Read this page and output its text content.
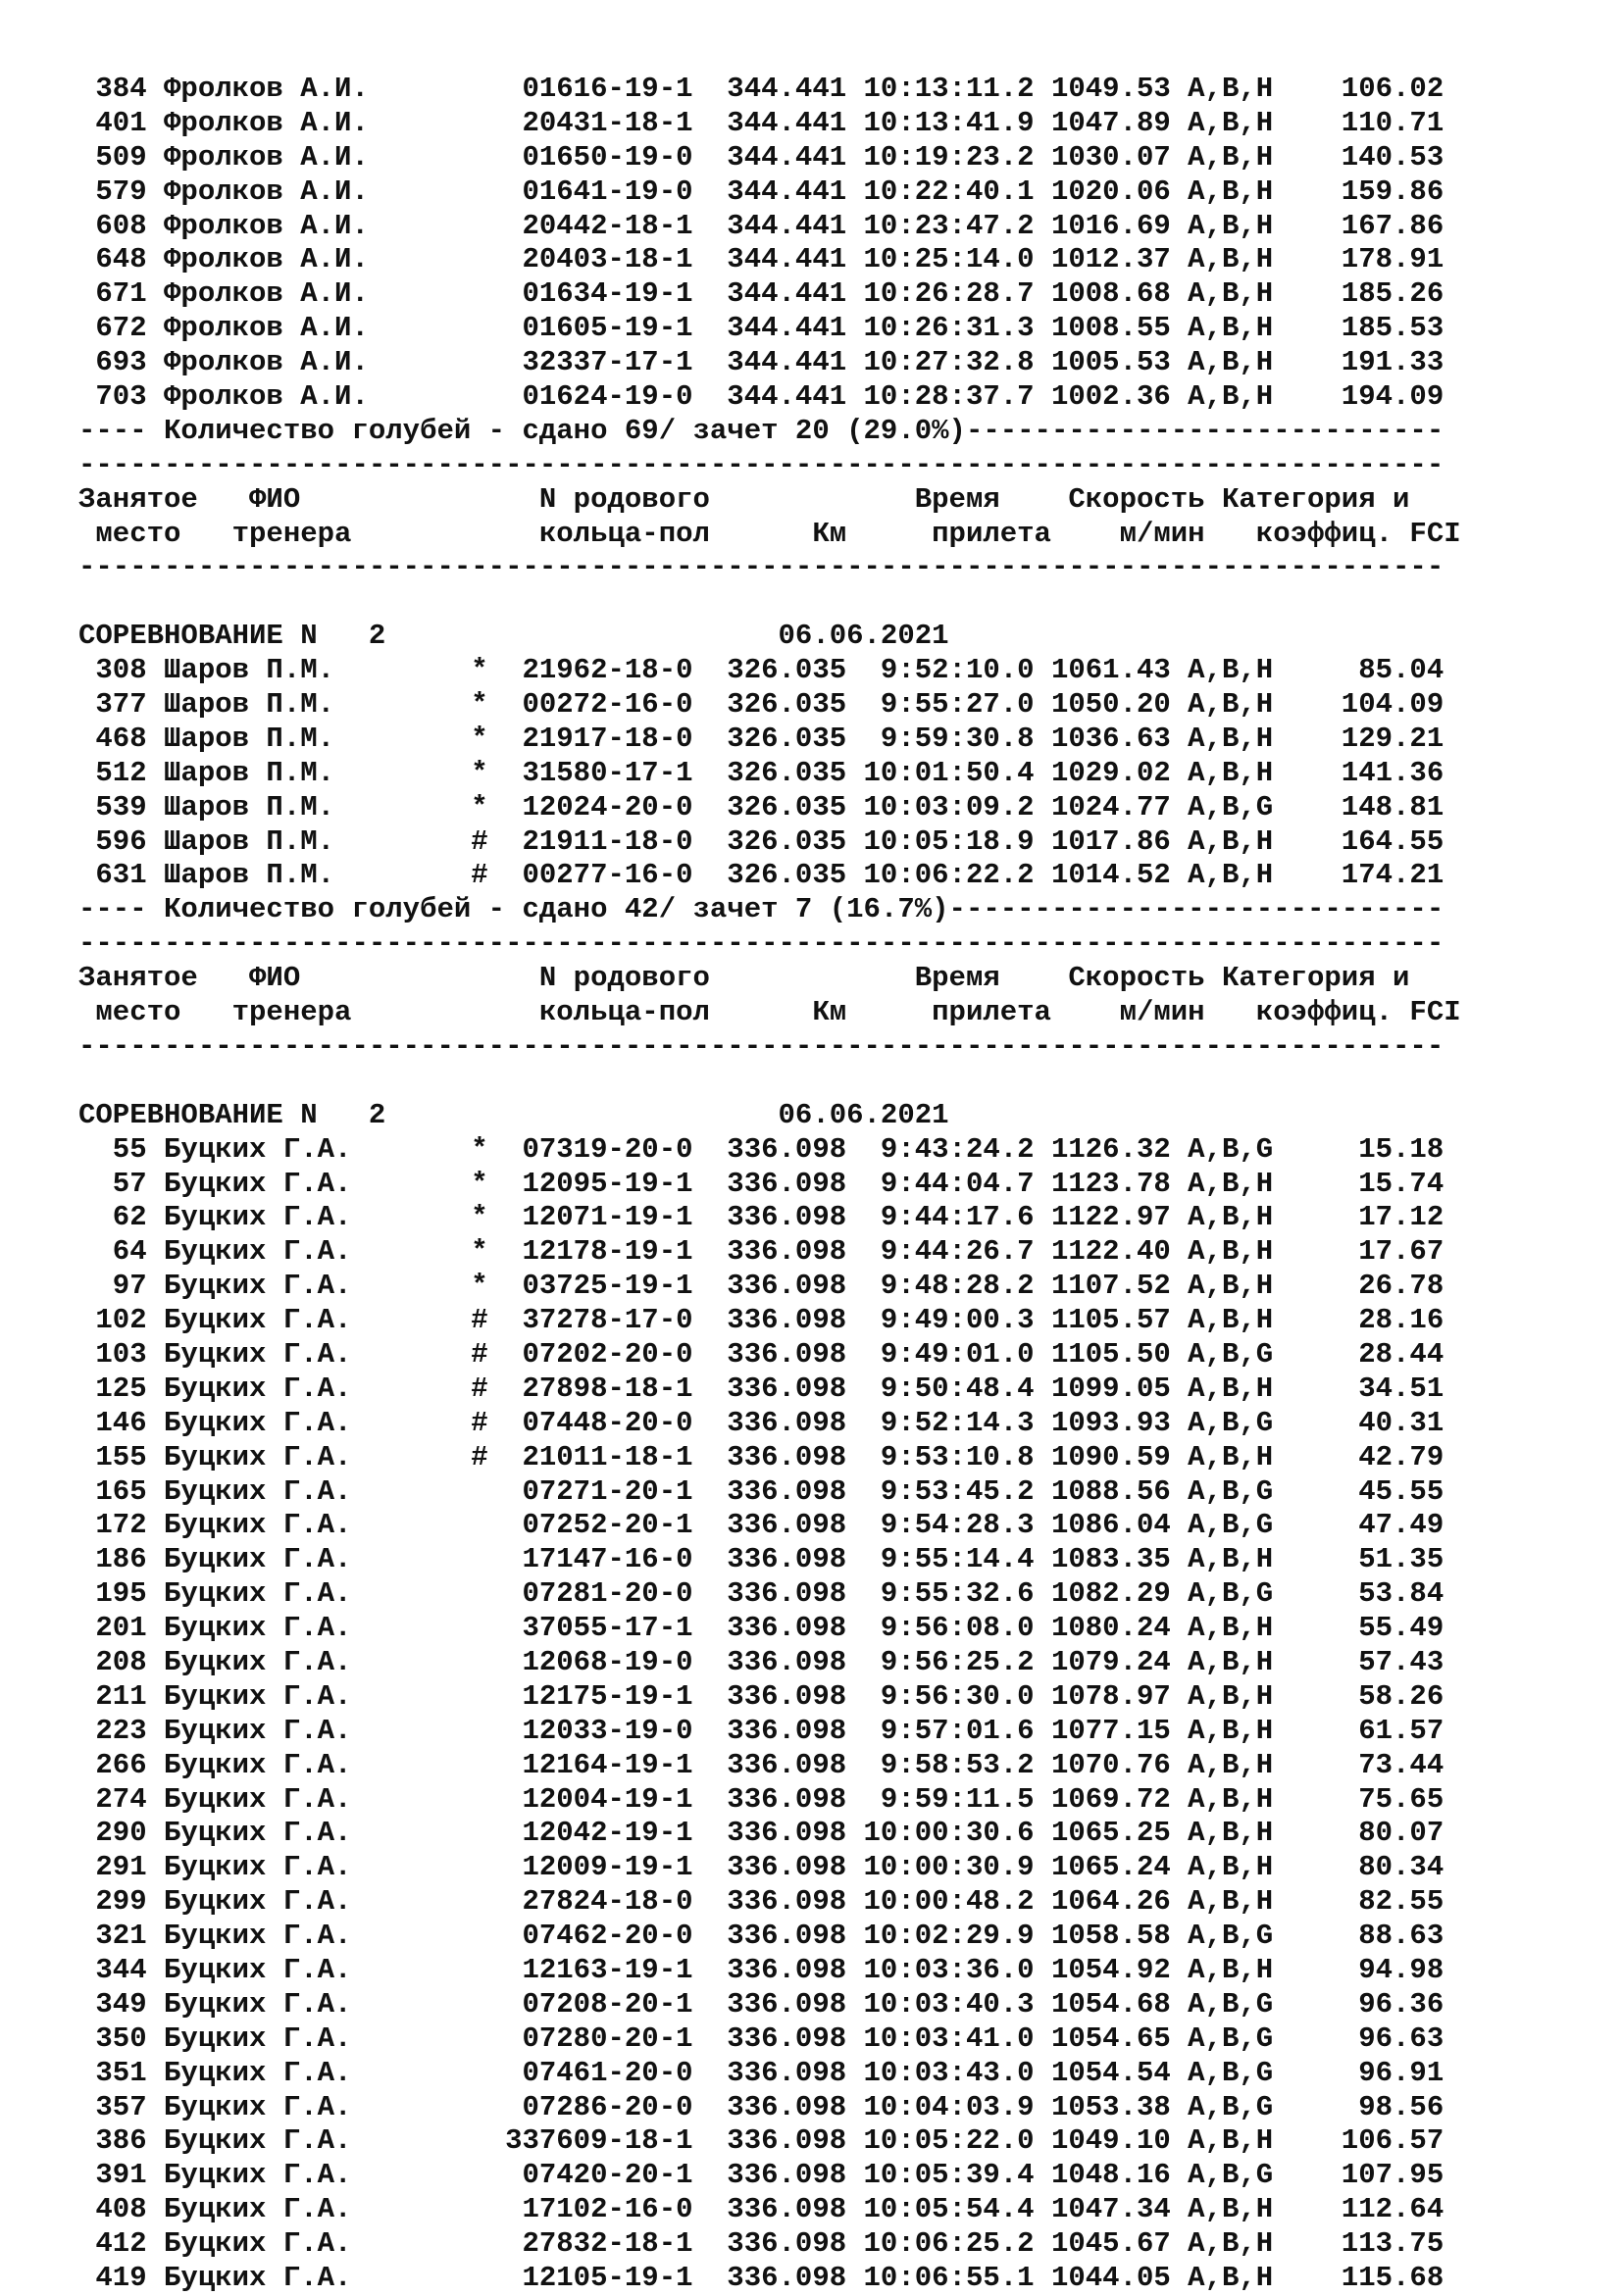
384 Фролков А.И.         01616-19-1  344.441 10:13:11.2 1049.53 A,B,H    106.02
401 Фролков А.И.         20431-18-1  344.441 10:13:41.9 1047.89 A,B,H    110.71
509 Фролков А.И.         01650-19-0  344.441 10:19:23.2 1030.07 A,B,H    140.53
579 Фролков А.И.         01641-19-0  344.441 10:22:40.1 1020.06 A,B,H    159.86
608 Фролков А.И.         20442-18-1  344.441 10:23:47.2 1016.69 A,B,H    167.86
648 Фролков А.И.         20403-18-1  344.441 10:25:14.0 1012.37 A,B,H    178.91
671 Фролков А.И.         01634-19-1  344.441 10:26:28.7 1008.68 A,B,H    185.26
672 Фролков А.И.         01605-19-1  344.441 10:26:31.3 1008.55 A,B,H    185.53
693 Фролков А.И.         32337-17-1  344.441 10:27:32.8 1005.53 A,B,H    191.33
703 Фролков А.И.         01624-19-0  344.441 10:28:37.7 1002.36 A,B,H    194.09
---- Количество голубей - сдано 69/ зачет 20 (29.0%)----------------------------
--------------------------------------------------------------------------------
Занятое   ФИО              N родового            Время    Скорость Категория и
место   тренера           кольца-пол      Км     прилета    м/мин   коэффиц. FCI
--------------------------------------------------------------------------------
СОРЕВНОВАНИЕ N   2                       06.06.2021
308 Шаров П.М.        *  21962-18-0  326.035  9:52:10.0 1061.43 A,B,H     85.04
377 Шаров П.М.        *  00272-16-0  326.035  9:55:27.0 1050.20 A,B,H    104.09
468 Шаров П.М.        *  21917-18-0  326.035  9:59:30.8 1036.63 A,B,H    129.21
512 Шаров П.М.        *  31580-17-1  326.035 10:01:50.4 1029.02 A,B,H    141.36
539 Шаров П.М.        *  12024-20-0  326.035 10:03:09.2 1024.77 A,B,G    148.81
596 Шаров П.М.        #  21911-18-0  326.035 10:05:18.9 1017.86 A,B,H    164.55
631 Шаров П.М.        #  00277-16-0  326.035 10:06:22.2 1014.52 A,B,H    174.21
---- Количество голубей - сдано 42/ зачет 7 (16.7%)-----------------------------
--------------------------------------------------------------------------------
Занятое   ФИО              N родового            Время    Скорость Категория и
место   тренера           кольца-пол      Км     прилета    м/мин   коэффиц. FCI
--------------------------------------------------------------------------------
СОРЕВНОВАНИЕ N   2                       06.06.2021
55 Буцких Г.А.       *  07319-20-0  336.098  9:43:24.2 1126.32 A,B,G     15.18
57 Буцких Г.А.       *  12095-19-1  336.098  9:44:04.7 1123.78 A,B,H     15.74
62 Буцких Г.А.       *  12071-19-1  336.098  9:44:17.6 1122.97 A,B,H     17.12
64 Буцких Г.А.       *  12178-19-1  336.098  9:44:26.7 1122.40 A,B,H     17.67
97 Буцких Г.А.       *  03725-19-1  336.098  9:48:28.2 1107.52 A,B,H     26.78
102 Буцких Г.А.       #  37278-17-0  336.098  9:49:00.3 1105.57 A,B,H     28.16
103 Буцких Г.А.       #  07202-20-0  336.098  9:49:01.0 1105.50 A,B,G     28.44
125 Буцких Г.А.       #  27898-18-1  336.098  9:50:48.4 1099.05 A,B,H     34.51
146 Буцких Г.А.       #  07448-20-0  336.098  9:52:14.3 1093.93 A,B,G     40.31
155 Буцких Г.А.       #  21011-18-1  336.098  9:53:10.8 1090.59 A,B,H     42.79
165 Буцких Г.А.          07271-20-1  336.098  9:53:45.2 1088.56 A,B,G     45.55
172 Буцких Г.А.          07252-20-1  336.098  9:54:28.3 1086.04 A,B,G     47.49
186 Буцких Г.А.          17147-16-0  336.098  9:55:14.4 1083.35 A,B,H     51.35
195 Буцких Г.А.          07281-20-0  336.098  9:55:32.6 1082.29 A,B,G     53.84
201 Буцких Г.А.          37055-17-1  336.098  9:56:08.0 1080.24 A,B,H     55.49
208 Буцких Г.А.          12068-19-0  336.098  9:56:25.2 1079.24 A,B,H     57.43
211 Буцких Г.А.          12175-19-1  336.098  9:56:30.0 1078.97 A,B,H     58.26
223 Буцких Г.А.          12033-19-0  336.098  9:57:01.6 1077.15 A,B,H     61.57
266 Буцких Г.А.          12164-19-1  336.098  9:58:53.2 1070.76 A,B,H     73.44
274 Буцких Г.А.          12004-19-1  336.098  9:59:11.5 1069.72 A,B,H     75.65
290 Буцких Г.А.          12042-19-1  336.098 10:00:30.6 1065.25 A,B,H     80.07
291 Буцких Г.А.          12009-19-1  336.098 10:00:30.9 1065.24 A,B,H     80.34
299 Буцких Г.А.          27824-18-0  336.098 10:00:48.2 1064.26 A,B,H     82.55
321 Буцких Г.А.          07462-20-0  336.098 10:02:29.9 1058.58 A,B,G     88.63
344 Буцких Г.А.          12163-19-1  336.098 10:03:36.0 1054.92 A,B,H     94.98
349 Буцких Г.А.          07208-20-1  336.098 10:03:40.3 1054.68 A,B,G     96.36
350 Буцких Г.А.          07280-20-1  336.098 10:03:41.0 1054.65 A,B,G     96.63
351 Буцких Г.А.          07461-20-0  336.098 10:03:43.0 1054.54 A,B,G     96.91
357 Буцких Г.А.          07286-20-0  336.098 10:04:03.9 1053.38 A,B,G     98.56
386 Буцких Г.А.         337609-18-1  336.098 10:05:22.0 1049.10 A,B,H    106.57
391 Буцких Г.А.          07420-20-1  336.098 10:05:39.4 1048.16 A,B,G    107.95
408 Буцких Г.А.          17102-16-0  336.098 10:05:54.4 1047.34 A,B,H    112.64
412 Буцких Г.А.          27832-18-1  336.098 10:06:25.2 1045.67 A,B,H    113.75
419 Буцких Г.А.          12105-19-1  336.098 10:06:55.1 1044.05 A,B,H    115.68
